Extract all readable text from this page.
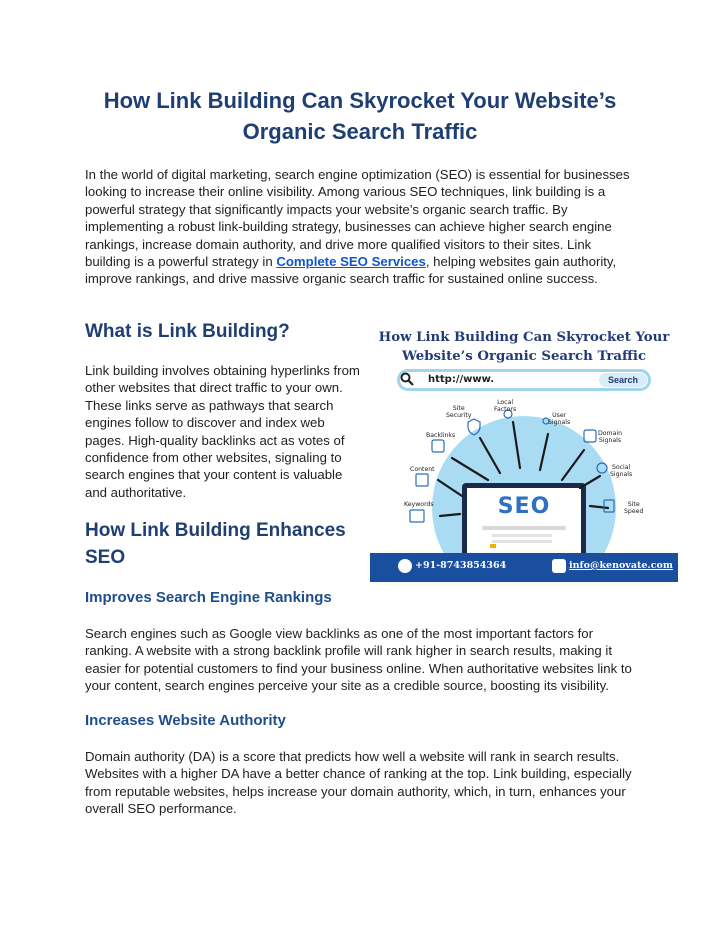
How Link Building Can Skyrocket Your Website’s
Organic Search Traffic

In the world of digital marketing, search engine optimization (SEO) is essential for businesses looking to increase their online visibility. Among various SEO techniques, link building is a powerful strategy that significantly impacts your website’s organic search traffic. By implementing a robust link-building strategy, businesses can achieve higher search engine rankings, increase domain authority, and drive more qualified visitors to their sites. Link building is a powerful strategy in Complete SEO Services, helping websites gain authority, improve rankings, and drive massive organic search traffic for sustained online success.

What is Link Building?

Link building involves obtaining hyperlinks from other websites that direct traffic to your own. These links serve as pathways that search engines follow to discover and index web pages. High-quality backlinks act as votes of confidence from other websites, signaling to search engines that your content is valuable and authoritative.

How Link Building Enhances
SEO
Improves Search Engine Rankings

Search engines such as Google view backlinks as one of the most important factors for ranking. A website with a strong backlink profile will rank higher in search results, making it easier for potential customers to find your business online. When authoritative websites link to your content, search engines perceive your site as a credible source, boosting its visibility.

Increases Website Authority

Domain authority (DA) is a score that predicts how well a website will rank in search results. Websites with a higher DA have a better chance of ranking at the top. Link building, especially from reputable websites, helps increase your domain authority, which, in turn, enhances your overall SEO performance.

How Link Building Can Skyrocket Your
Website’s Organic Search Traffic
http://www.	Search
SEO
Local
Factors
Site
Security	User
Signals
Backlinks	Domain
Signals
Content	Social
Signals
Keywords	Site
Speed
+91-8743854364	info@kenovate.com
